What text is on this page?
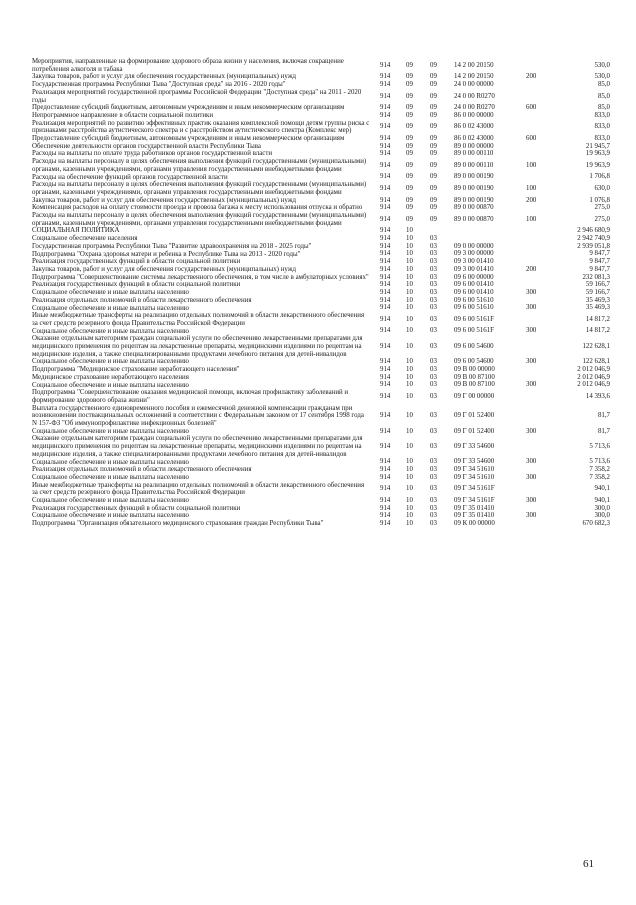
Мероприятия, направленные на формирование здорового образа жизни у населения, включая сокращение потребления алкоголя и табака
914 09 09 14 2 00 20150	530,0
Закупка товаров, работ и услуг для обеспечения государственных (муниципальных) нужд	914 09 09 14 2 00 20150	200	530,0
Государственная программа Республики Тыва "Доступная среда" на 2016 - 2020 годы"	914 09 09 24 0 00 00000	85,0
Реализация мероприятий государственной программы Российской Федерации "Доступная среда" на 2011 - 2020 годы
914 09 09 24 0 00 R0270	85,0
Предоставление субсидий бюджетным, автономным учреждениям и иным некоммерческим организациям	914 09 09 24 0 00 R0270	600	85,0
Непрограммное направление в области социальной политики	914 09 09 86 0 00 00000	833,0
Реализация мероприятий по развитию эффективных практик оказания комплексной помощи детям группы риска с признаками расстройства аутистического спектра и с расстройством аутистического спектра (Комплекс мер)
914 09 09 86 0 02 43000	833,0
Предоставление субсидий бюджетным, автономным учреждениям и иным некоммерческим организациям	914 09 09 86 0 02 43000	600	833,0
Обеспечение деятельности органов государственной власти Республики Тыва	914 09 09 89 0 00 00000	21 945,7
Расходы на выплаты по оплате труда работников органов государственной власти	914 09 09 89 0 00 00110	19 963,9
Расходы на выплаты персоналу в целях обеспечения выполнения функций государственными (муниципальными) органами, казенными учреждениями, органами управления государственными внебюджетными фондами
914 09 09 89 0 00 00110	100	19 963,9
Расходы на обеспечение функций органов государственной власти	914 09 09 89 0 00 00190	1 706,8
Расходы на выплаты персоналу в целях обеспечения выполнения функций государственными (муниципальными) органами, казенными учреждениями, органами управления государственными внебюджетными фондами
914 09 09 89 0 00 00190	100	630,0
Закупка товаров, работ и услуг для обеспечения государственных (муниципальных) нужд	914 09 09 89 0 00 00190	200	1 076,8
Компенсация расходов на оплату стоимости проезда и провоза багажа к месту использования отпуска и обратно	914 09 09 89 0 00 00870	275,0
Расходы на выплаты персоналу в целях обеспечения выполнения функций государственными (муниципальными) органами, казенными учреждениями, органами управления государственными внебюджетными фондами
914 09 09 89 0 00 00870	100	275,0
СОЦИАЛЬНАЯ ПОЛИТИКА	914 10	2 946 680,9
Социальное обеспечение населения	914 10 03	2 942 740,9
Государственная программа Республики Тыва "Развитие здравоохранения на 2018 - 2025 годы"	914 10 03 09 0 00 00000	2 939 051,8
Подпрограмма "Охрана здоровья матери и ребенка в Республике Тыва на 2013 - 2020 годы"	914 10 03 09 3 00 00000	9 847,7
Реализация государственных функций в области социальной политики	914 10 03 09 3 00 01410	9 847,7
Закупка товаров, работ и услуг для обеспечения государственных (муниципальных) нужд	914 10 03 09 3 00 01410	200	9 847,7
Подпрограмма "Совершенствование системы лекарственного обеспечения, в том числе в амбулаторных условиях" 914 10 03 09 6 00 00000	232 081,3
Реализация государственных функций в области социальной политики	914 10 03 09 6 00 01410	59 166,7
Социальное обеспечение и иные выплаты населению	914 10 03 09 6 00 01410	300	59 166,7
Реализация отдельных полномочий в области лекарственного обеспечения	914 10 03 09 6 00 51610	35 469,3
Социальное обеспечение и иные выплаты населению	914 10 03 09 6 00 51610	300	35 469,3
Иные межбюджетные трансферты на реализацию отдельных полномочий в области лекарственного обеспечения за счет средств резервного фонда Правительства Российской Федерации
914 10 03 09 6 00 5161F	14 817,2
Социальное обеспечение и иные выплаты населению	914 10 03 09 6 00 5161F	300	14 817,2
Оказание отдельным категориям граждан социальной услуги по обеспечению лекарственными препаратами для медицинского применения по рецептам на лекарственные препараты, медицинскими изделиями по рецептам на медицинские изделия, а также специализированными продуктами лечебного питания для детей-инвалидов
914 10 03 09 6 00 54600	122 628,1
Социальное обеспечение и иные выплаты населению	914 10 03 09 6 00 54600	300	122 628,1
Подпрограмма "Медицинское страхование неработающего населения"	914 10 03 09 В 00 00000	2 012 046,9
Медицинское страхование неработающего населения	914 10 03 09 В 00 87100	2 012 046,9
Социальное обеспечение и иные выплаты населению	914 10 03 09 В 00 87100	300	2 012 046,9
Подпрограмма "Совершенствование оказания медицинской помощи, включая профилактику заболеваний и формирование здорового образа жизни"
914 10 03 09 Г 00 00000	14 393,6
Выплата государственного единовременного пособия и ежемесячной денежной компенсации гражданам при возникновении поствакцинальных осложнений в соответствии с Федеральным законом от 17 сентября 1998 года N 157-ФЗ "Об иммунопрофилактике инфекционных болезней"
914 10 03 09 Г 01 52400	81,7
Социальное обеспечение и иные выплаты населению	914 10 03 09 Г 01 52400	300	81,7
Оказание отдельным категориям граждан социальной услуги по обеспечению лекарственными препаратами для медицинского применения по рецептам на лекарственные препараты, медицинскими изделиями по рецептам на медицинские изделия, а также специализированными продуктами лечебного питания для детей-инвалидов
914 10 03 09 Г 33 54600	5 713,6
Социальное обеспечение и иные выплаты населению	914 10 03 09 Г 33 54600	300	5 713,6
Реализация отдельных полномочий в области лекарственного обеспечения	914 10 03 09 Г 34 51610	7 358,2
Социальное обеспечение и иные выплаты населению	914 10 03 09 Г 34 51610	300	7 358,2
Иные межбюджетные трансферты на реализацию отдельных полномочий в области лекарственного обеспечения за счет средств резервного фонда Правительства Российской Федерации
914 10 03 09 Г 34 5161F	940,1
Социальное обеспечение и иные выплаты населению	914 10 03 09 Г 34 5161F	300	940,1
Реализация государственных функций в области социальной политики	914 10 03 09 Г 35 01410	300,0
Социальное обеспечение и иные выплаты населению	914 10 03 09 Г 35 01410	300	300,0
Подпрограмма "Организация обязательного медицинского страхования граждан Республики Тыва"	914 10 03 09 К 00 00000	670 682,3
61
